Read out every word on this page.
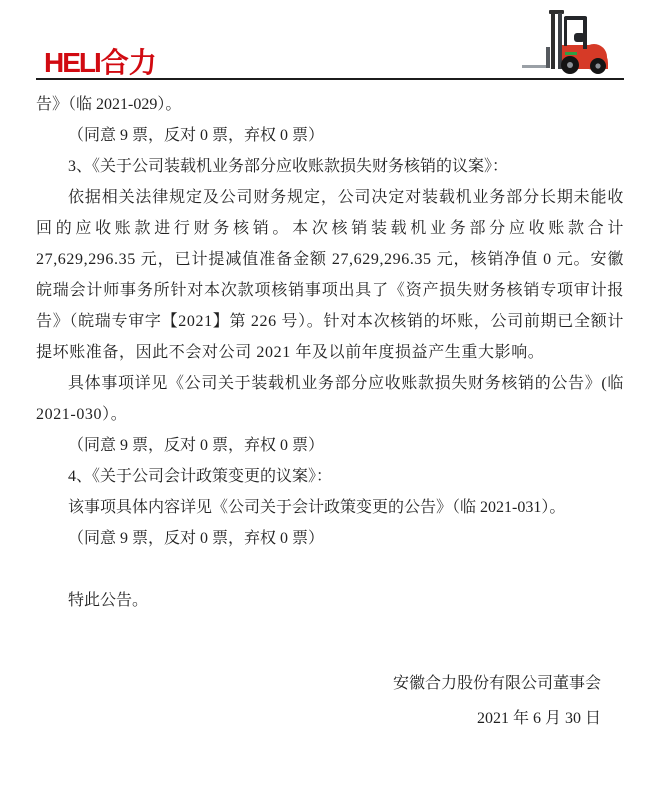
HELI合力

告》（临 2021-029）。

（同意 9 票，反对 0 票，弃权 0 票）

3、《关于公司装载机业务部分应收账款损失财务核销的议案》：

依据相关法律规定及公司财务规定，公司决定对装载机业务部分长期未能收回的应收账款进行财务核销。本次核销装载机业务部分应收账款合计 27,629,296.35 元，已计提减值准备金额 27,629,296.35 元，核销净值 0 元。安徽皖瑞会计师事务所针对本次款项核销事项出具了《资产损失财务核销专项审计报告》（皖瑞专审字【2021】第 226 号）。针对本次核销的坏账，公司前期已全额计提坏账准备，因此不会对公司 2021 年及以前年度损益产生重大影响。

具体事项详见《公司关于装载机业务部分应收账款损失财务核销的公告》(临 2021-030）。

（同意 9 票，反对 0 票，弃权 0 票）

4、《关于公司会计政策变更的议案》：

该事项具体内容详见《公司关于会计政策变更的公告》（临 2021-031）。

（同意 9 票，反对 0 票，弃权 0 票）

特此公告。

安徽合力股份有限公司董事会
2021 年 6 月 30 日
